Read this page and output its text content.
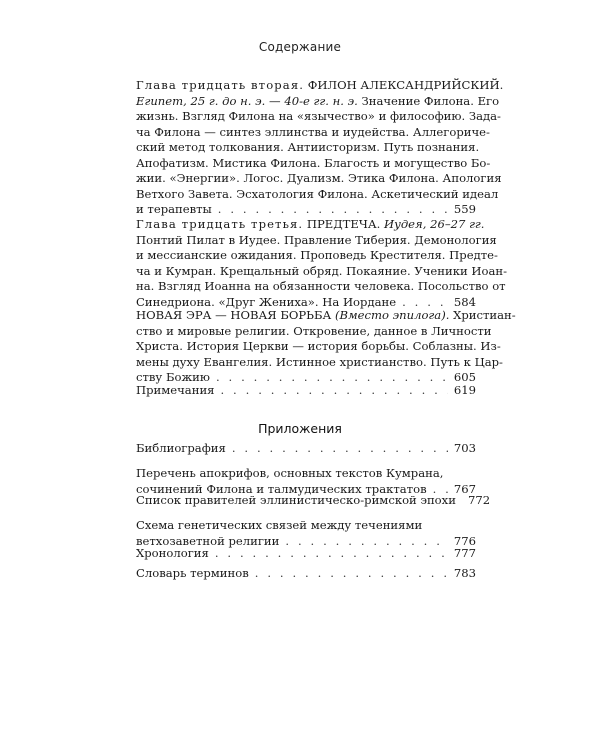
Содержание
Глава тридцать вторая. ФИЛОН АЛЕКСАНДРИЙСКИЙ.
Египет, 25 г. до н. э. — 40-е гг. н. э. Значение Филона. Его
жизнь. Взгляд Филона на «язычество» и философию. Зада-
ча Филона — синтез эллинства и иудейства. Аллегориче-
ский метод толкования. Антиисторизм. Путь познания.
Апофатизм. Мистика Филона. Благость и могущество Бо-
жии. «Энергии». Логос. Дуализм. Этика Филона. Апология
Ветхого Завета. Эсхатология Филона. Аскетический идеал
и терапевты . . .	559
Глава тридцать третья. ПРЕДТЕЧА. Иудея, 26–27 гг.
Понтий Пилат в Иудее. Правление Тиберия. Демонология
и мессианские ожидания. Проповедь Крестителя. Предте-
ча и Кумран. Крещальный обряд. Покаяние. Ученики Иоан-
на. Взгляд Иоанна на обязанности человека. Посольство от
Синедриона. «Друг Жениха». На Иордане . . .	584
НОВАЯ ЭРА — НОВАЯ БОРЬБА (Вместо эпилога). Христиан-
ство и мировые религии. Откровение, данное в Личности
Христа. История Церкви — история борьбы. Соблазны. Из-
мены духу Евангелия. Истинное христианство. Путь к Цар-
ству Божию . . .	605
Примечания . . .	619
Приложения
Библиография . . .	703
Перечень апокрифов, основных текстов Кумрана,
сочинений Филона и талмудических трактатов . . . 767
Список правителей эллинистическо-римской эпохи 772
Схема генетических связей между течениями
ветхозаветной религии . . .	776
Хронология . . .	777
Словарь терминов . . .	783
